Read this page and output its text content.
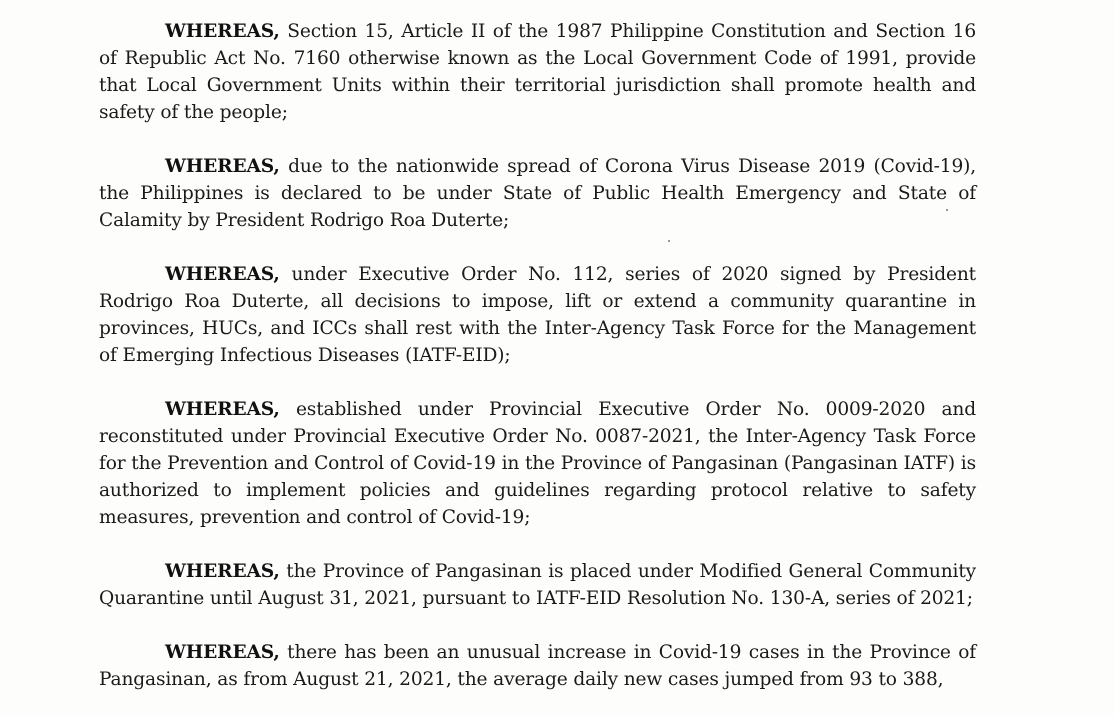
WHEREAS, Section 15, Article II of the 1987 Philippine Constitution and Section 16 of Republic Act No. 7160 otherwise known as the Local Government Code of 1991, provide that Local Government Units within their territorial jurisdiction shall promote health and safety of the people;

WHEREAS, due to the nationwide spread of Corona Virus Disease 2019 (Covid-19), the Philippines is declared to be under State of Public Health Emergency and State of Calamity by President Rodrigo Roa Duterte;

WHEREAS, under Executive Order No. 112, series of 2020 signed by President Rodrigo Roa Duterte, all decisions to impose, lift or extend a community quarantine in provinces, HUCs, and ICCs shall rest with the Inter-Agency Task Force for the Management of Emerging Infectious Diseases (IATF-EID);

WHEREAS, established under Provincial Executive Order No. 0009-2020 and reconstituted under Provincial Executive Order No. 0087-2021, the Inter-Agency Task Force for the Prevention and Control of Covid-19 in the Province of Pangasinan (Pangasinan IATF) is authorized to implement policies and guidelines regarding protocol relative to safety measures, prevention and control of Covid-19;

WHEREAS, the Province of Pangasinan is placed under Modified General Community Quarantine until August 31, 2021, pursuant to IATF-EID Resolution No. 130-A, series of 2021;

WHEREAS, there has been an unusual increase in Covid-19 cases in the Province of Pangasinan, as from August 21, 2021, the average daily new cases jumped from 93 to 388,
